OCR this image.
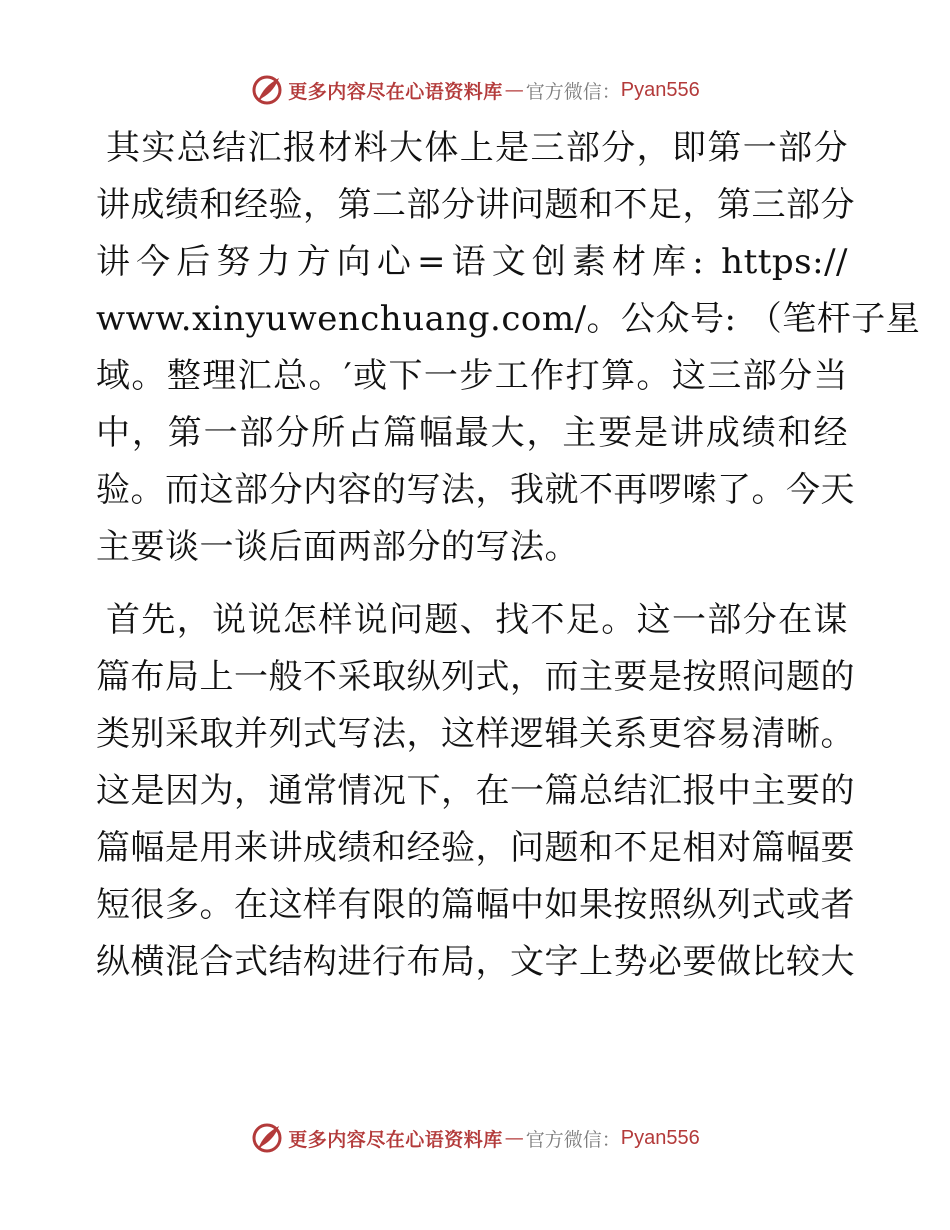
更多内容尽在心语资料库 — 官方微信： Pyan556
其实总结汇报材料大体上是三部分，即第一部分
讲成绩和经验，第二部分讲问题和不足，第三部分
讲今后努力方向心=语文创素材库: https://
www.xinyuwenchuang.com/。公众号: （笔杆子星
域。整理汇总。′或下一步工作打算。这三部分当
中，第一部分所占篇幅最大，主要是讲成绩和经
验。而这部分内容的写法，我就不再啰嗦了。今天
主要谈一谈后面两部分的写法。
首先，说说怎样说问题、找不足。这一部分在谋
篇布局上一般不采取纵列式，而主要是按照问题的
类别采取并列式写法，这样逻辑关系更容易清晰。
这是因为，通常情况下，在一篇总结汇报中主要的
篇幅是用来讲成绩和经验，问题和不足相对篇幅要
短很多。在这样有限的篇幅中如果按照纵列式或者
纵横混合式结构进行布局，文字上势必要做比较大
更多内容尽在心语资料库 — 官方微信： Pyan556
